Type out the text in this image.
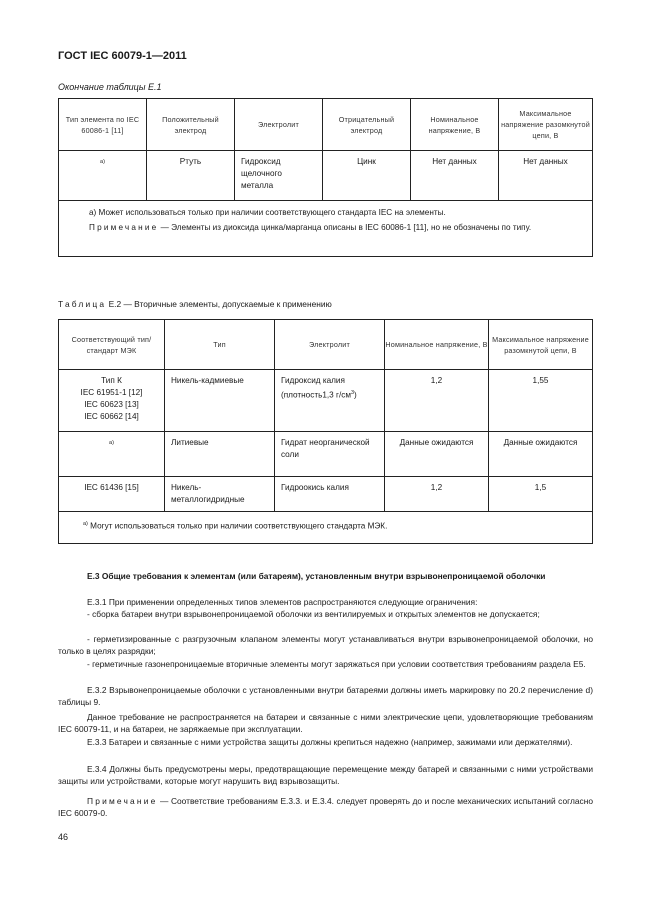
ГОСТ IEC 60079-1—2011
Окончание таблицы Е.1
Тип элемента по IEC 60086-1 [11]	Положительный электрод	Электролит	Отрицательный электрод	Номинальное напряжение, В	Максимальное напряжение разомкнутой цепи, В
$^{a)}$	Ртуть	Гидроксид щелочного металла	Цинк	Нет данных	Нет данных

а) Может использоваться только при наличии соответствующего стандарта IEC на элементы.
Примечание — Элементы из диоксида цинка/марганца описаны в IEC 60086-1 [11], но не обозначены по типу.					
Таблица Е.2 — Вторичные элементы, допускаемые к применению
Соответствующий тип/стандарт МЭК	Тип	Электролит	Номинальное напряжение, В	Максимальное напряжение разомкнутой цепи, В

Тип К
IEC 61951-1 [12]
IEC 60623 [13]
IEC 60662 [14]	Никель-кадмиевые	Гидроксид калия (плотность1,3 $г/см^3$)	1,2	1,55
$^{a)}$	Литиевые	Гидрат неорганической соли	Данные ожидаются	Данные ожидаются
IEC 61436 [15]	Никель-металлогидридные	Гидроокись калия	1,2	1,5

$^{a)}$ Могут использоваться только при наличии соответствующего стандарта МЭК.				
Е.3 Общие требования к элементам (или батареям), установленным внутри взрывонепроницаемой оболочки
Е.3.1 При применении определенных типов элементов распространяются следующие ограничения:
- сборка батареи внутри взрывонепроницаемой оболочки из вентилируемых и открытых элементов не допускается;
- герметизированные с разгрузочным клапаном элементы могут устанавливаться внутри взрывонепроницаемой оболочки, но только в целях разрядки;
- герметичные газонепроницаемые вторичные элементы могут заряжаться при условии соответствия требованиям раздела Е5.
Е.3.2 Взрывонепроницаемые оболочки с установленными внутри батареями должны иметь маркировку по 20.2 перечисление d) таблицы 9.
Данное требование не распространяется на батареи и связанные с ними электрические цепи, удовлетворяющие требованиям IEC 60079-11, и на батареи, не заряжаемые при эксплуатации.
Е.3.3 Батареи и связанные с ними устройства защиты должны крепиться надежно (например, зажимами или держателями).
Е.3.4 Должны быть предусмотрены меры, предотвращающие перемещение между батарей и связанными с ними устройствами защиты или устройствами, которые могут нарушить вид взрывозащиты.
Примечание — Соответствие требованиям Е.3.3. и Е.3.4. следует проверять до и после механических испытаний согласно IEC 60079-0.
46
